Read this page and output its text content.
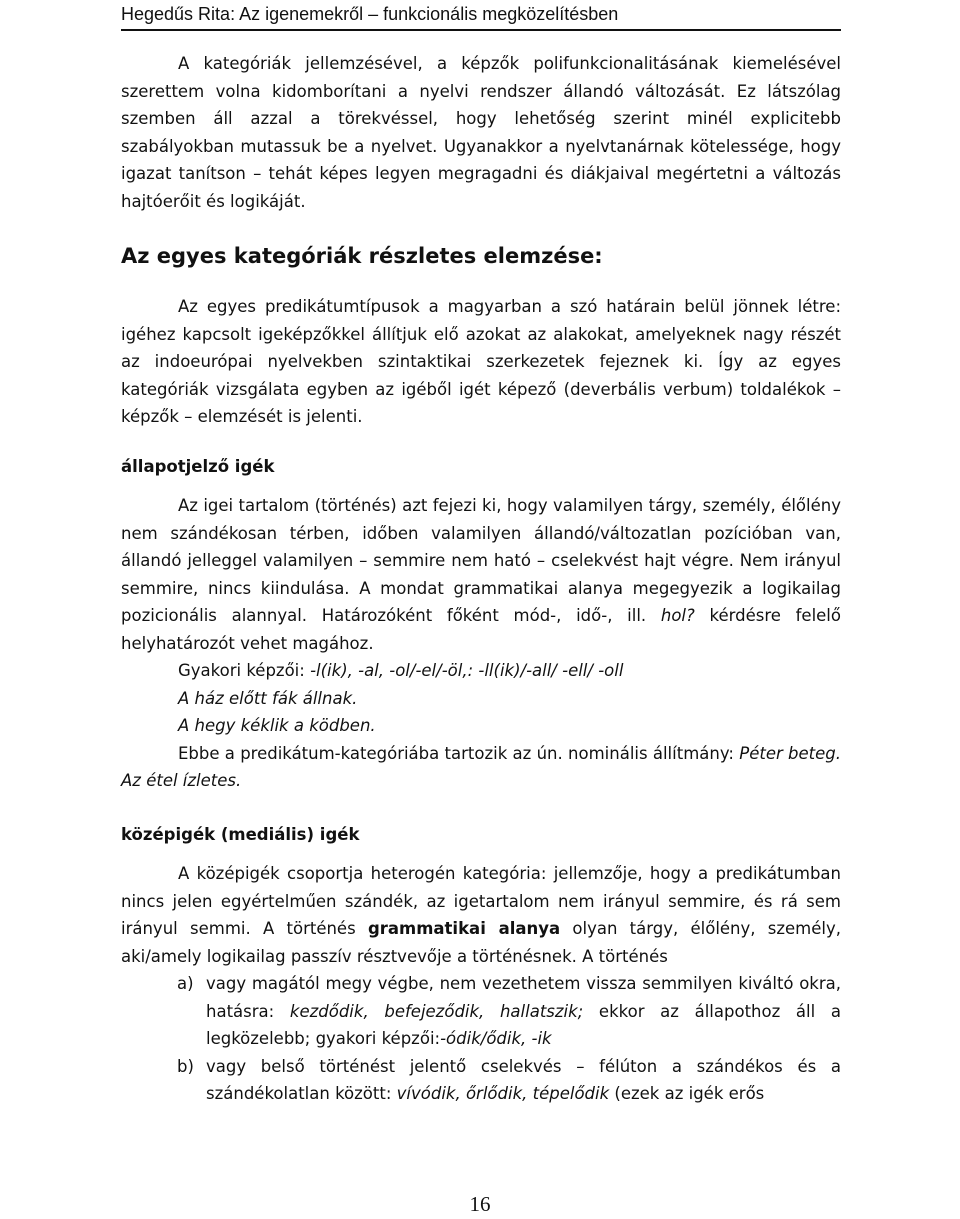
Hegedűs Rita: Az igenemekről – funkcionális megközelítésben

A kategóriák jellemzésével, a képzők polifunkcionalitásának kiemelésével szerettem volna kidomborítani a nyelvi rendszer állandó változását. Ez látszólag szemben áll azzal a törekvéssel, hogy lehetőség szerint minél explicitebb szabályokban mutassuk be a nyelvet. Ugyanakkor a nyelvtanárnak kötelessége, hogy igazat tanítson – tehát képes legyen megragadni és diákjaival megértetni a változás hajtóerőit és logikáját.

Az egyes kategóriák részletes elemzése:

Az egyes predikátumtípusok a magyarban a szó határain belül jönnek létre: igéhez kapcsolt igeképzőkkel állítjuk elő azokat az alakokat, amelyeknek nagy részét az indoeurópai nyelvekben szintaktikai szerkezetek fejeznek ki. Így az egyes kategóriák vizsgálata egyben az igéből igét képező (deverbális verbum) toldalékok – képzők – elemzését is jelenti.

állapotjelző igék

Az igei tartalom (történés) azt fejezi ki, hogy valamilyen tárgy, személy, élőlény nem szándékosan térben, időben valamilyen állandó/változatlan pozícióban van, állandó jelleggel valamilyen – semmire nem ható – cselekvést hajt végre. Nem irányul semmire, nincs kiindulása. A mondat grammatikai alanya megegyezik a logikailag pozicionális alannyal. Határozóként főként mód-, idő-, ill. hol? kérdésre felelő helyhatározót vehet magához.

Gyakori képzői: -l(ik), -al, -ol/-el/-öl,: -ll(ik)/-all/ -ell/ -oll

A ház előtt fák állnak.

A hegy kéklik a ködben.

Ebbe a predikátum-kategóriába tartozik az ún. nominális állítmány: Péter beteg. Az étel ízletes.

középigék (mediális) igék

A középigék csoportja heterogén kategória: jellemzője, hogy a predikátumban nincs jelen egyértelműen szándék, az igetartalom nem irányul semmire, és rá sem irányul semmi. A történés grammatikai alanya olyan tárgy, élőlény, személy, aki/amely logikailag passzív résztvevője a történésnek. A történés

a) vagy magától megy végbe, nem vezethetem vissza semmilyen kiváltó okra, hatásra: kezdődik, befejeződik, hallatszik; ekkor az állapothoz áll a legközelebb; gyakori képzői:-ódik/ődik, -ik
b) vagy belső történést jelentő cselekvés – félúton a szándékos és a szándékolatlan között: vívódik, őrlődik, tépelődik (ezek az igék erős
16
